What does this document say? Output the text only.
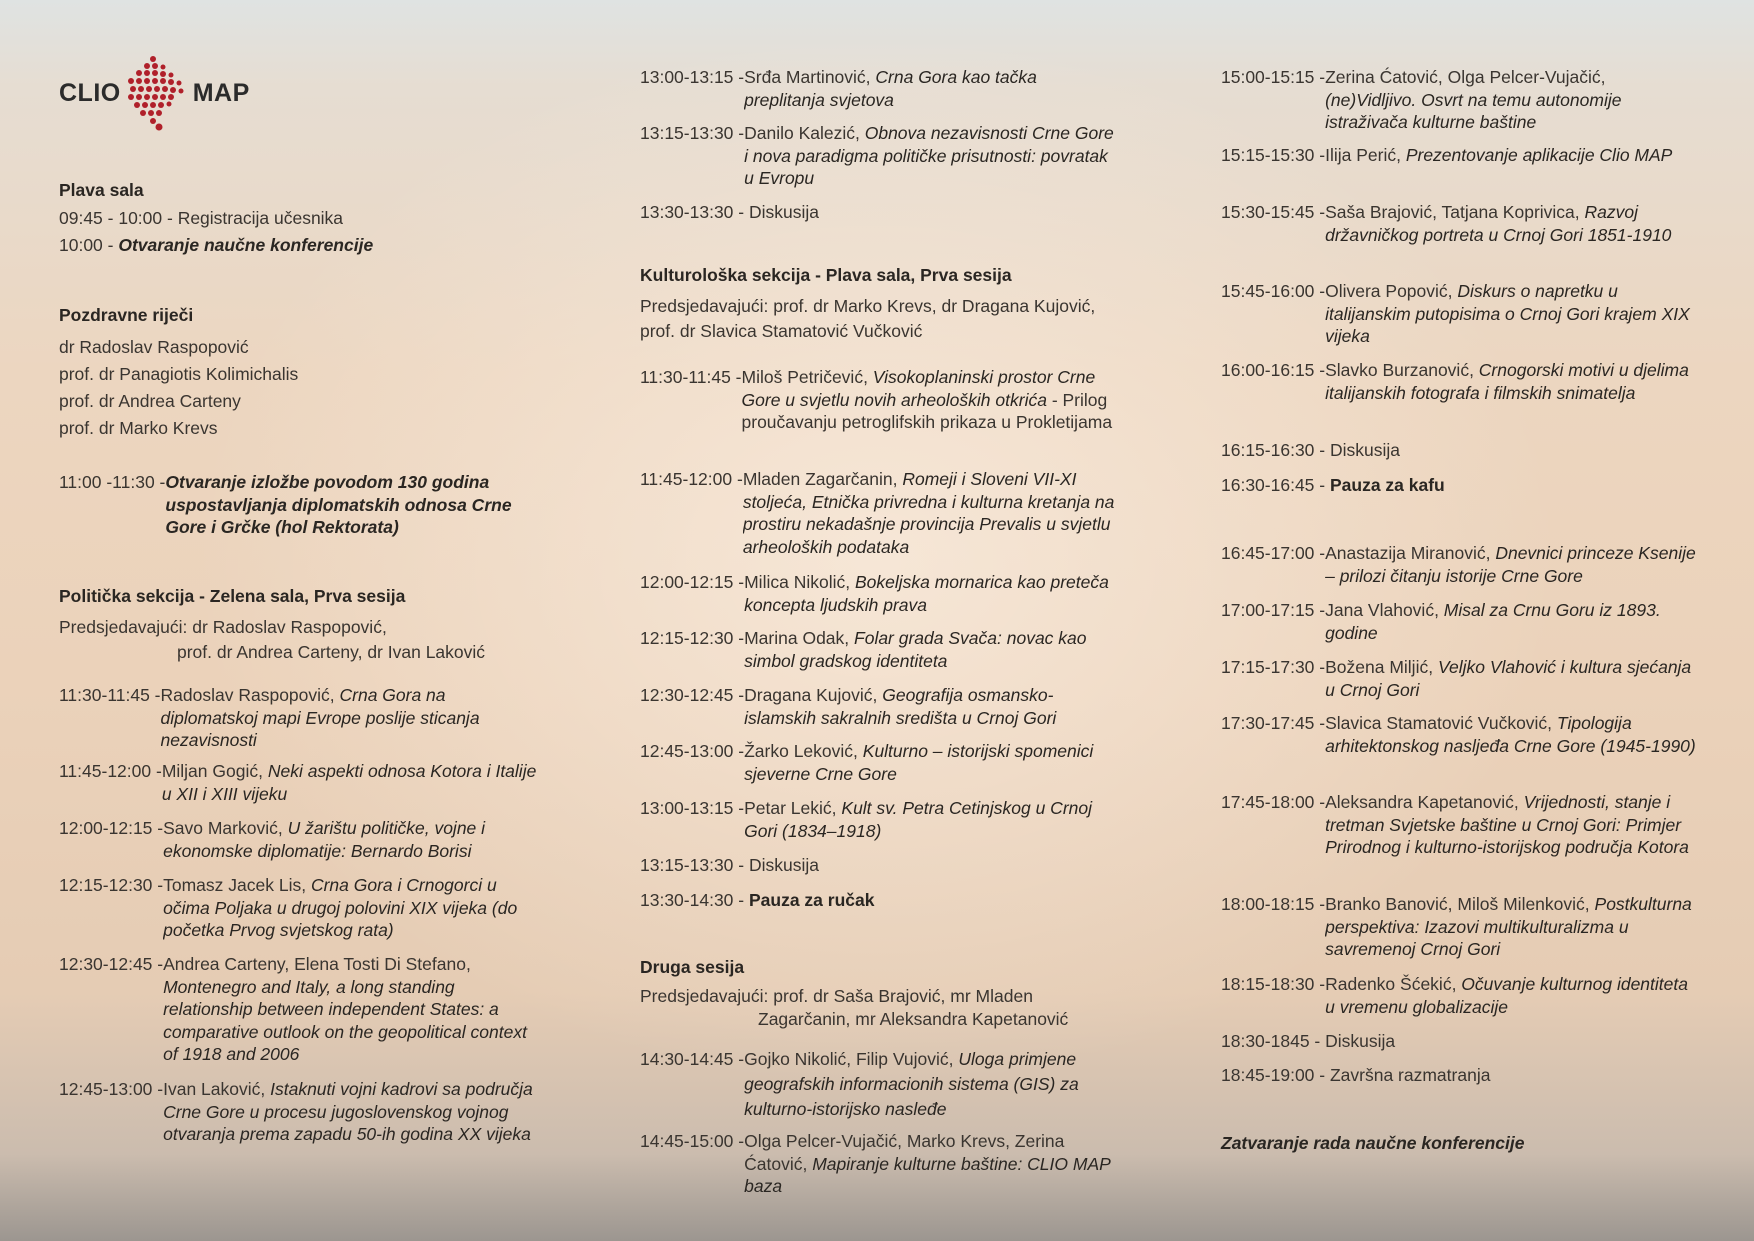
CLIO	MAP
Plava sala
09:45 - 10:00 - Registracija učesnika
10:00 - Otvaranje naučne konferencije
Pozdravne riječi
dr Radoslav Raspopović
prof. dr Panagiotis Kolimichalis
prof. dr Andrea Carteny
prof. dr Marko Krevs
11:00 -11:30 - Otvaranje izložbe povodom 130 godina uspostavljanja diplomatskih odnosa Crne Gore i Grčke (hol Rektorata)
Politička sekcija - Zelena sala, Prva sesija
Predsjedavajući: dr Radoslav Raspopović,
prof. dr Andrea Carteny, dr Ivan Laković
11:30-11:45 - Radoslav Raspopović, Crna Gora na diplomatskoj mapi Evrope poslije sticanja nezavisnosti
11:45-12:00 - Miljan Gogić, Neki aspekti odnosa Kotora i Italije u XII i XIII vijeku
12:00-12:15 - Savo Marković, U žarištu političke, vojne i ekonomske diplomatije: Bernardo Borisi
12:15-12:30 - Tomasz Jacek Lis, Crna Gora i Crnogorci u očima Poljaka u drugoj polovini XIX vijeka (do početka Prvog svjetskog rata)
12:30-12:45 - Andrea Carteny, Elena Tosti Di Stefano, Montenegro and Italy, a long standing relationship between independent States: a comparative outlook on the geopolitical context of 1918 and 2006
12:45-13:00 - Ivan Laković, Istaknuti vojni kadrovi sa područja Crne Gore u procesu jugoslovenskog vojnog otvaranja prema zapadu 50-ih godina XX vijeka
13:00-13:15 - Srđa Martinović, Crna Gora kao tačka preplitanja svjetova
13:15-13:30 - Danilo Kalezić, Obnova nezavisnosti Crne Gore i nova paradigma političke prisutnosti: povratak u Evropu
13:30-13:30 - Diskusija
Kulturološka sekcija - Plava sala, Prva sesija
Predsjedavajući: prof. dr Marko Krevs, dr Dragana Kujović,
prof. dr Slavica Stamatović Vučković
11:30-11:45 - Miloš Petričević, Visokoplaninski prostor Crne Gore u svjetlu novih arheoloških otkrića - Prilog proučavanju petroglifskih prikaza u Prokletijama
11:45-12:00 - Mladen Zagarčanin, Romeji i Sloveni VII-XI stoljeća, Etnička privredna i kulturna kretanja na prostiru nekadašnje provincija Prevalis u svjetlu arheoloških podataka
12:00-12:15 - Milica Nikolić, Bokeljska mornarica kao preteča koncepta ljudskih prava
12:15-12:30 - Marina Odak, Folar grada Svača: novac kao simbol gradskog identiteta
12:30-12:45 - Dragana Kujović, Geografija osmansko-islamskih sakralnih središta u Crnoj Gori
12:45-13:00 - Žarko Leković, Kulturno – istorijski spomenici sjeverne Crne Gore
13:00-13:15 - Petar Lekić, Kult sv. Petra Cetinjskog u Crnoj Gori (1834–1918)
13:15-13:30 - Diskusija
13:30-14:30 - Pauza za ručak
Druga sesija
Predsjedavajući: prof. dr Saša Brajović, mr Mladen
Zagarčanin, mr Aleksandra Kapetanović
14:30-14:45 - Gojko Nikolić, Filip Vujović, Uloga primjene geografskih informacionih sistema (GIS) za kulturno-istorijsko nasleđe
14:45-15:00 - Olga Pelcer-Vujačić, Marko Krevs, Zerina Ćatović, Mapiranje kulturne baštine: CLIO MAP baza
15:00-15:15 - Zerina Ćatović, Olga Pelcer-Vujačić, (ne)Vidljivo. Osvrt na temu autonomije istraživača kulturne baštine
15:15-15:30 - Ilija Perić, Prezentovanje aplikacije Clio MAP
15:30-15:45 - Saša Brajović, Tatjana Koprivica, Razvoj državničkog portreta u Crnoj Gori 1851-1910
15:45-16:00 - Olivera Popović, Diskurs o napretku u italijanskim putopisima o Crnoj Gori krajem XIX vijeka
16:00-16:15 - Slavko Burzanović, Crnogorski motivi u djelima italijanskih fotografa i filmskih snimatelja
16:15-16:30 - Diskusija
16:30-16:45 - Pauza za kafu
16:45-17:00 - Anastazija Miranović, Dnevnici princeze Ksenije – prilozi čitanju istorije Crne Gore
17:00-17:15 - Jana Vlahović, Misal za Crnu Goru iz 1893. godine
17:15-17:30 - Božena Miljić, Veljko Vlahović i kultura sjećanja u Crnoj Gori
17:30-17:45 - Slavica Stamatović Vučković, Tipologija arhitektonskog nasljeđa Crne Gore (1945-1990)
17:45-18:00 - Aleksandra Kapetanović, Vrijednosti, stanje i tretman Svjetske baštine u Crnoj Gori: Primjer Prirodnog i kulturno-istorijskog područja Kotora
18:00-18:15 - Branko Banović, Miloš Milenković, Postkulturna perspektiva: Izazovi multikulturalizma u savremenoj Crnoj Gori
18:15-18:30 - Radenko Šćekić, Očuvanje kulturnog identiteta u vremenu globalizacije
18:30-1845 - Diskusija
18:45-19:00 - Završna razmatranja
Zatvaranje rada naučne konferencije
